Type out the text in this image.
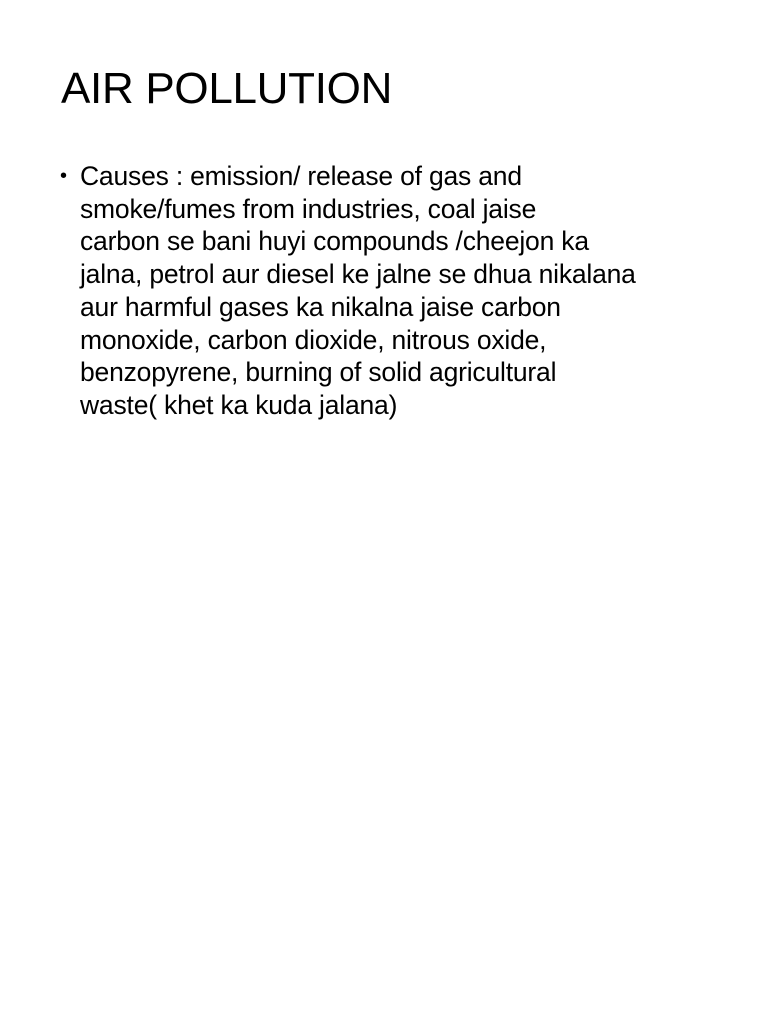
AIR POLLUTION
• Causes : emission/ release of gas and
smoke/fumes from industries, coal jaise
carbon se bani huyi compounds /cheejon ka
jalna, petrol aur diesel ke jalne se dhua nikalana
aur harmful gases ka nikalna jaise carbon
monoxide, carbon dioxide, nitrous oxide,
benzopyrene, burning of solid agricultural
waste( khet ka kuda jalana)
